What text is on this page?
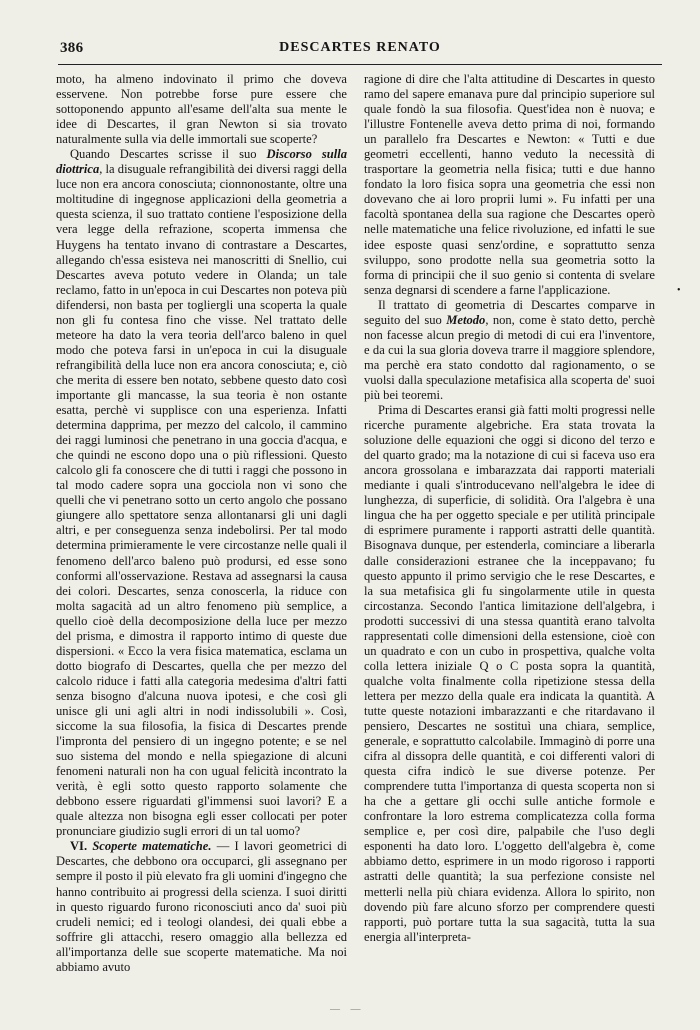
386	DESCARTES RENATO

moto, ha almeno indovinato il primo che doveva esservene. Non potrebbe forse pure essere che sottoponendo appunto all'esame dell'alta sua mente le idee di Descartes, il gran Newton si sia trovato naturalmente sulla via delle immortali sue scoperte?

Quando Descartes scrisse il suo Discorso sulla diottrica, la disuguale refrangibilità dei diversi raggi della luce non era ancora conosciuta; cionnonostante, oltre una moltitudine di ingegnose applicazioni della geometria a questa scienza, il suo trattato contiene l'esposizione della vera legge della refrazione, scoperta immensa che Huygens ha tentato invano di contrastare a Descartes, allegando ch'essa esisteva nei manoscritti di Snellio, cui Descartes aveva potuto vedere in Olanda; un tale reclamo, fatto in un'epoca in cui Descartes non poteva più difendersi, non basta per togliergli una scoperta la quale non gli fu contesa fino che visse. Nel trattato delle meteore ha dato la vera teoria dell'arco baleno in quel modo che poteva farsi in un'epoca in cui la disuguale refrangibilità della luce non era ancora conosciuta; e, ciò che merita di essere ben notato, sebbene questo dato così importante gli mancasse, la sua teoria è non ostante esatta, perchè vi supplisce con una esperienza. Infatti determina dapprima, per mezzo del calcolo, il cammino dei raggi luminosi che penetrano in una goccia d'acqua, e che quindi ne escono dopo una o più riflessioni. Questo calcolo gli fa conoscere che di tutti i raggi che possono in tal modo cadere sopra una gocciola non vi sono che quelli che vi penetrano sotto un certo angolo che possano giungere allo spettatore senza allontanarsi gli uni dagli altri, e per conseguenza senza indebolirsi. Per tal modo determina primieramente le vere circostanze nelle quali il fenomeno dell'arco baleno può prodursi, ed esse sono conformi all'osservazione. Restava ad assegnarsi la causa dei colori. Descartes, senza conoscerla, la riduce con molta sagacità ad un altro fenomeno più semplice, a quello cioè della decomposizione della luce per mezzo del prisma, e dimostra il rapporto intimo di queste due dispersioni. « Ecco la vera fisica matematica, esclama un dotto biografo di Descartes, quella che per mezzo del calcolo riduce i fatti alla categoria medesima d'altri fatti senza bisogno d'alcuna nuova ipotesi, e che così gli unisce gli uni agli altri in nodi indissolubili ». Così, siccome la sua filosofia, la fisica di Descartes prende l'impronta del pensiero di un ingegno potente; e se nel suo sistema del mondo e nella spiegazione di alcuni fenomeni naturali non ha con ugual felicità incontrato la verità, è egli sotto questo rapporto solamente che debbono essere riguardati gl'immensi suoi lavori? E a quale altezza non bisogna egli esser collocati per poter pronunciare giudizio sugli errori di un tal uomo?

VI. Scoperte matematiche. — I lavori geometrici di Descartes, che debbono ora occuparci, gli assegnano per sempre il posto il più elevato fra gli uomini d'ingegno che hanno contribuito ai progressi della scienza. I suoi diritti in questo riguardo furono riconosciuti anco da' suoi più crudeli nemici; ed i teologi olandesi, dei quali ebbe a soffrire gli attacchi, resero omaggio alla bellezza ed all'importanza delle sue scoperte matematiche. Ma noi abbiamo avuto

ragione di dire che l'alta attitudine di Descartes in questo ramo del sapere emanava pure dal principio superiore sul quale fondò la sua filosofia. Quest'idea non è nuova; e l'illustre Fontenelle aveva detto prima di noi, formando un parallelo fra Descartes e Newton: « Tutti e due geometri eccellenti, hanno veduto la necessità di trasportare la geometria nella fisica; tutti e due hanno fondato la loro fisica sopra una geometria che essi non dovevano che ai loro proprii lumi ». Fu infatti per una facoltà spontanea della sua ragione che Descartes operò nelle matematiche una felice rivoluzione, ed infatti le sue idee esposte quasi senz'ordine, e soprattutto senza sviluppo, sono prodotte nella sua geometria sotto la forma di principii che il suo genio si contenta di svelare senza degnarsi di scendere a farne l'applicazione.

Il trattato di geometria di Descartes comparve in seguito del suo Metodo, non, come è stato detto, perchè non facesse alcun pregio di metodi di cui era l'inventore, e da cui la sua gloria doveva trarre il maggiore splendore, ma perchè era stato condotto dal ragionamento, o se vuolsi dalla speculazione metafisica alla scoperta de' suoi più bei teoremi.

Prima di Descartes eransi già fatti molti progressi nelle ricerche puramente algebriche. Era stata trovata la soluzione delle equazioni che oggi si dicono del terzo e del quarto grado; ma la notazione di cui si faceva uso era ancora grossolana e imbarazzata dai rapporti materiali mediante i quali s'introducevano nell'algebra le idee di lunghezza, di superficie, di solidità. Ora l'algebra è una lingua che ha per oggetto speciale e per utilità principale di esprimere puramente i rapporti astratti delle quantità. Bisognava dunque, per estenderla, cominciare a liberarla dalle considerazioni estranee che la inceppavano; fu questo appunto il primo servigio che le rese Descartes, e la sua metafisica gli fu singolarmente utile in questa circostanza. Secondo l'antica limitazione dell'algebra, i prodotti successivi di una stessa quantità erano talvolta rappresentati colle dimensioni della estensione, cioè con un quadrato e con un cubo in prospettiva, qualche volta colla lettera iniziale Q o C posta sopra la quantità, qualche volta finalmente colla ripetizione stessa della lettera per mezzo della quale era indicata la quantità. A tutte queste notazioni imbarazzanti e che ritardavano il pensiero, Descartes ne sostituì una chiara, semplice, generale, e soprattutto calcolabile. Immaginò di porre una cifra al dissopra delle quantità, e coi differenti valori di questa cifra indicò le sue diverse potenze. Per comprendere tutta l'importanza di questa scoperta non si ha che a gettare gli occhi sulle antiche formole e confrontare la loro estrema complicatezza colla forma semplice e, per così dire, palpabile che l'uso degli esponenti ha dato loro. L'oggetto dell'algebra è, come abbiamo detto, esprimere in un modo rigoroso i rapporti astratti delle quantità; la sua perfezione consiste nel metterli nella più chiara evidenza. Allora lo spirito, non dovendo più fare alcuno sforzo per comprendere questi rapporti, può portare tutta la sua sagacità, tutta la sua energia all'interpreta-

•
— —
